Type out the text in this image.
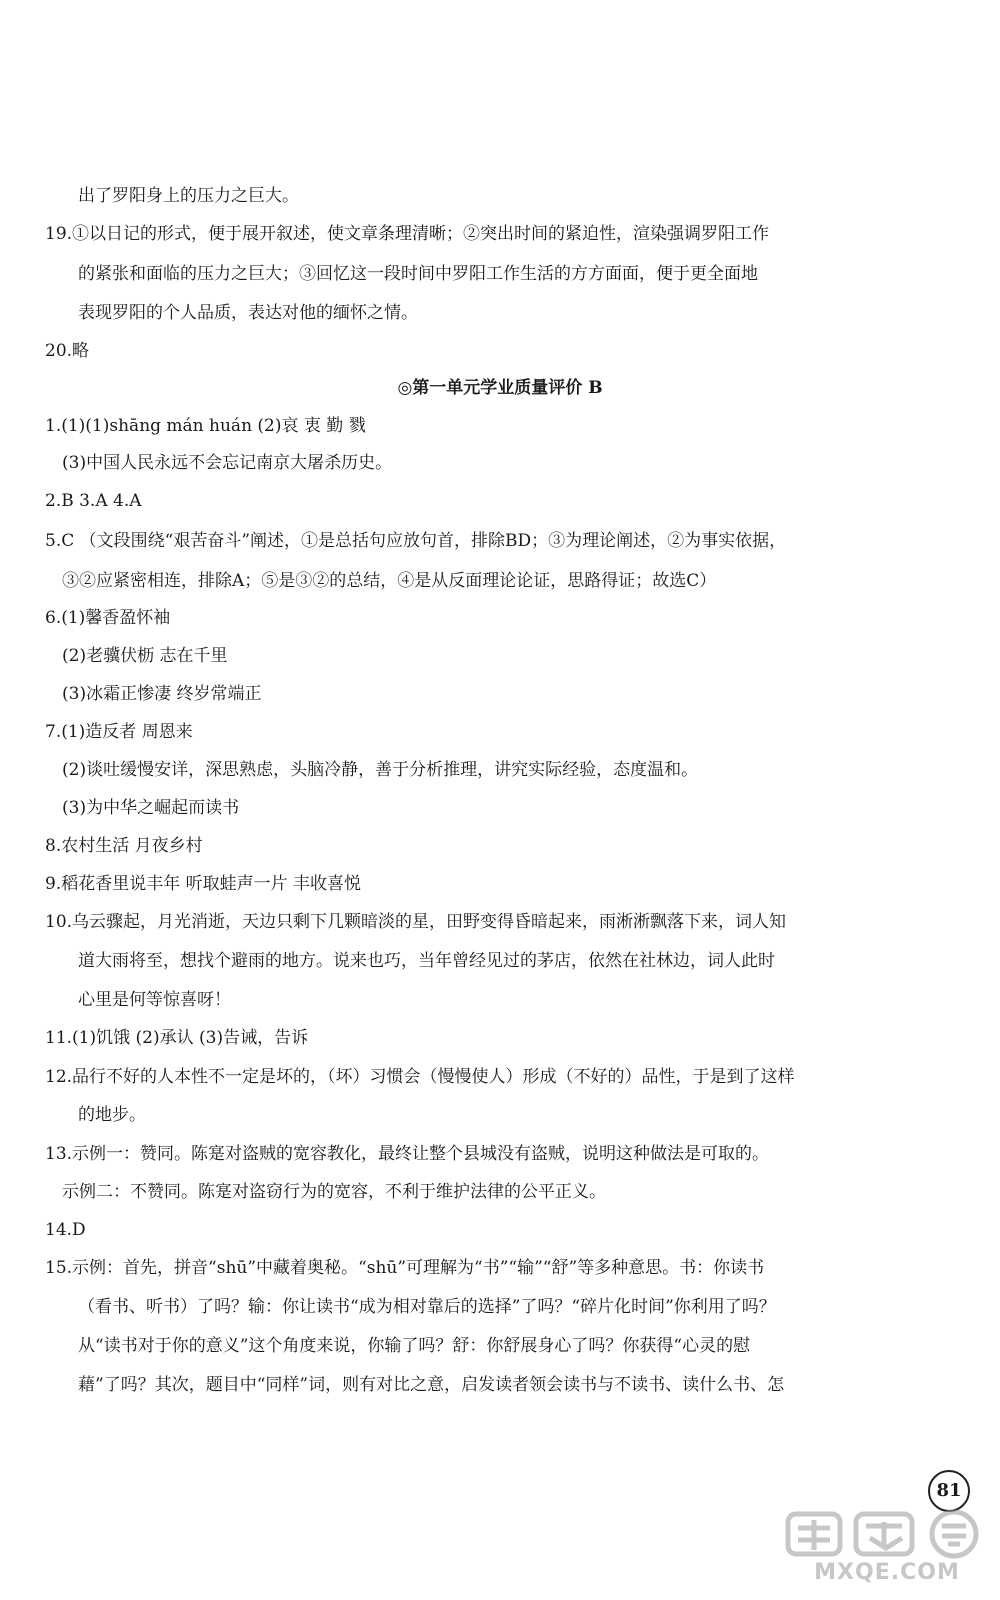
出了罗阳身上的压力之巨大。

19.①以日记的形式，便于展开叙述，使文章条理清晰；②突出时间的紧迫性，渲染强调罗阳工作

的紧张和面临的压力之巨大；③回忆这一段时间中罗阳工作生活的方方面面，便于更全面地

表现罗阳的个人品质，表达对他的缅怀之情。

20.略

◎第一单元学业质量评价 B

1.(1)(1)shāng mán huán (2)哀 衷 勤 戮

(3)中国人民永远不会忘记南京大屠杀历史。

2.B 3.A 4.A

5.C （文段围绕“艰苦奋斗”阐述，①是总括句应放句首，排除BD；③为理论阐述，②为事实依据，

③②应紧密相连，排除A；⑤是③②的总结，④是从反面理论论证，思路得证；故选C）

6.(1)馨香盈怀袖

(2)老骥伏枥 志在千里

(3)冰霜正惨凄 终岁常端正

7.(1)造反者 周恩来

(2)谈吐缓慢安详，深思熟虑，头脑冷静，善于分析推理，讲究实际经验，态度温和。

(3)为中华之崛起而读书

8.农村生活 月夜乡村

9.稻花香里说丰年 听取蛙声一片 丰收喜悦

10.乌云骤起，月光消逝，天边只剩下几颗暗淡的星，田野变得昏暗起来，雨淅淅飘落下来，词人知

道大雨将至，想找个避雨的地方。说来也巧，当年曾经见过的茅店，依然在社林边，词人此时

心里是何等惊喜呀！

11.(1)饥饿 (2)承认 (3)告诫，告诉

12.品行不好的人本性不一定是坏的，（坏）习惯会（慢慢使人）形成（不好的）品性，于是到了这样

的地步。

13.示例一：赞同。陈寔对盗贼的宽容教化，最终让整个县城没有盗贼，说明这种做法是可取的。

示例二：不赞同。陈寔对盗窃行为的宽容，不利于维护法律的公平正义。

14.D

15.示例：首先，拼音“shū”中藏着奥秘。“shū”可理解为“书”“输”“舒”等多种意思。书：你读书

（看书、听书）了吗？输：你让读书“成为相对靠后的选择”了吗？“碎片化时间”你利用了吗？

从“读书对于你的意义”这个角度来说，你输了吗？舒：你舒展身心了吗？你获得“心灵的慰

藉”了吗？其次，题目中“同样”词，则有对比之意，启发读者领会读书与不读书、读什么书、怎

81
MXQE.COM
